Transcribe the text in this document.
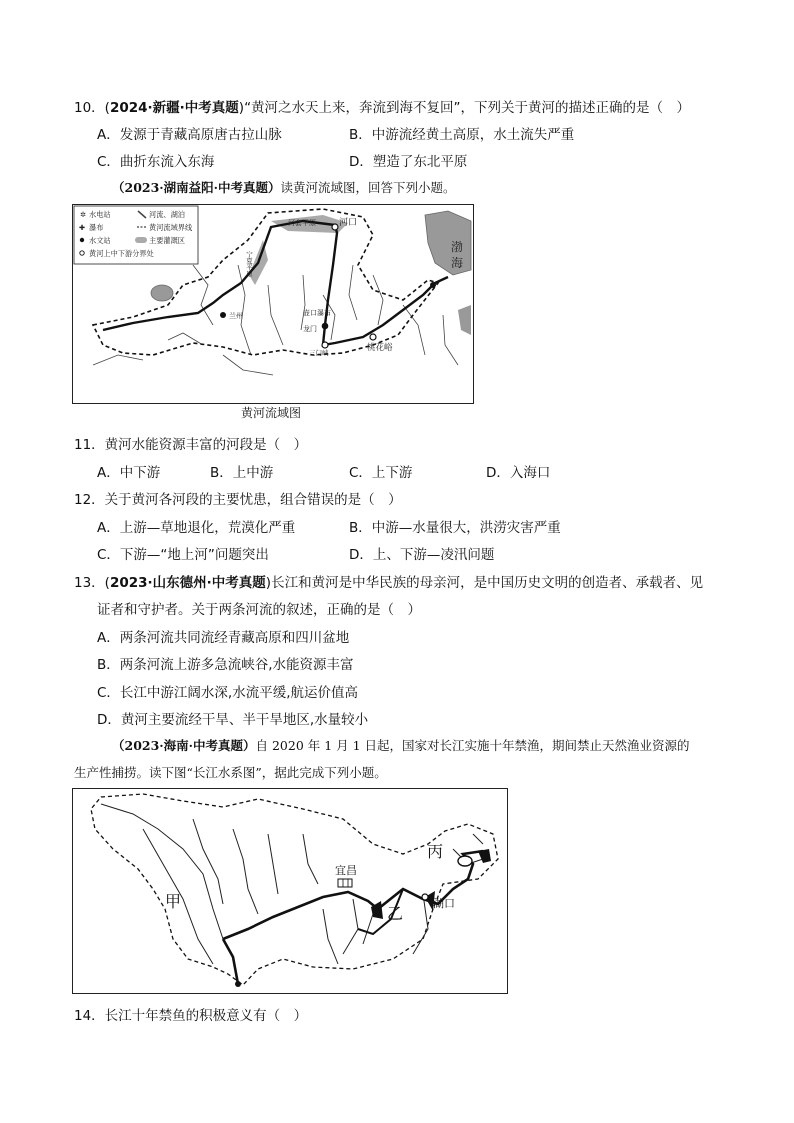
10．(2024·新疆·中考真题)“黄河之水天上来，奔流到海不复回”，下列关于黄河的描述正确的是（　）
A．发源于青藏高原唐古拉山脉	B．中游流经黄土高原，水土流失严重
C．曲折东流入东海	D．塑造了东北平原
（2023·湖南益阳·中考真题）读黄河流域图，回答下列小题。
✲ 水电站	河流、湖泊
✚ 瀑布	黄河流域界线
水文站	主要灌溉区
黄河上中下游分界处
河套平原	河口
渤
海
宁夏平原
兰州	壶口瀑布
龙门
桃花峪
三门峡
黄河流域图
11．黄河水能资源丰富的河段是（　）
A．中下游	B．上中游	C．上下游	D．入海口
12．关于黄河各河段的主要忧患，组合错误的是（　）
A．上游—草地退化，荒漠化严重	B．中游—水量很大，洪涝灾害严重
C．下游—“地上河”问题突出	D．上、下游—凌汛问题
13．(2023·山东德州·中考真题)长江和黄河是中华民族的母亲河，是中国历史文明的创造者、承载者、见
证者和守护者。关于两条河流的叙述，正确的是（　）
A．两条河流共同流经青藏高原和四川盆地
B．两条河流上游多急流峡谷,水能资源丰富
C．长江中游江阔水深,水流平缓,航运价值高
D．黄河主要流经干旱、半干旱地区,水量较小
（2023·海南·中考真题）自 2020 年 1 月 1 日起，国家对长江实施十年禁渔，期间禁止天然渔业资源的
生产性捕捞。读下图“长江水系图”，据此完成下列小题。
甲
乙
丙
宜昌
湖口
14．长江十年禁鱼的积极意义有（　）
